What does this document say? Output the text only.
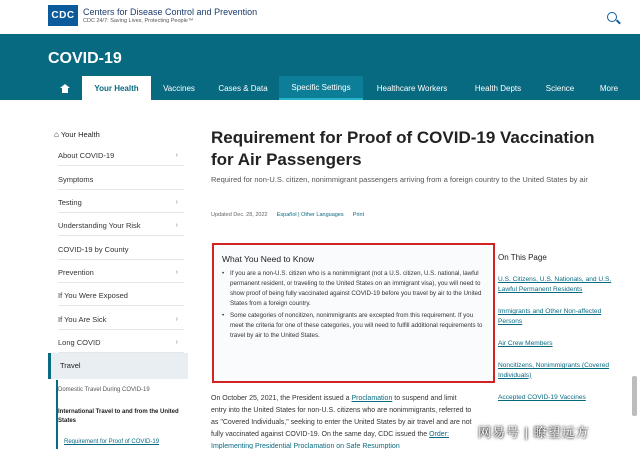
CDC Centers for Disease Control and Prevention
CDC 24/7: Saving Lives, Protecting People™
COVID-19
Your Health	Vaccines	Cases & Data	Specific Settings	Healthcare Workers	Health Depts	Science	More
⌂ Your Health
About COVID-19	›
Symptoms
Testing	›
Understanding Your Risk	›
COVID-19 by County
Prevention	›
If You Were Exposed
If You Are Sick	›
Long COVID	›
Travel
Domestic Travel During COVID-19
International Travel to and from the United States
Requirement for Proof of COVID-19
Requirement for Proof of COVID-19 Vaccination for Air Passengers

Required for non-U.S. citizen, nonimmigrant passengers arriving from a foreign country to the United States by air

Updated Dec. 28, 2022 Español | Other Languages Print
What You Need to Know
• If you are a non-U.S. citizen who is a nonimmigrant (not a U.S. citizen, U.S. national, lawful permanent resident, or traveling to the United States on an immigrant visa), you will need to show proof of being fully vaccinated against COVID-19 before you travel by air to the United States from a foreign country.
• Some categories of noncitizen, nonimmigrants are excepted from this requirement. If you meet the criteria for one of these categories, you will need to fulfill additional requirements to travel by air to the United States.

On October 25, 2021, the President issued a Proclamation to suspend and limit entry into the United States for non-U.S. citizens who are nonimmigrants, referred to as "Covered Individuals," seeking to enter the United States by air travel and are not fully vaccinated against COVID-19. On the same day, CDC issued the Order: Implementing Presidential Proclamation on Safe Resumption

On This Page
U.S. Citizens, U.S. Nationals, and U.S. Lawful Permanent Residents
Immigrants and Other Non-affected Persons
Air Crew Members
Noncitizens, Nonimmigrants (Covered Individuals)
Accepted COVID-19 Vaccines
网易号 | 瞭望远方
